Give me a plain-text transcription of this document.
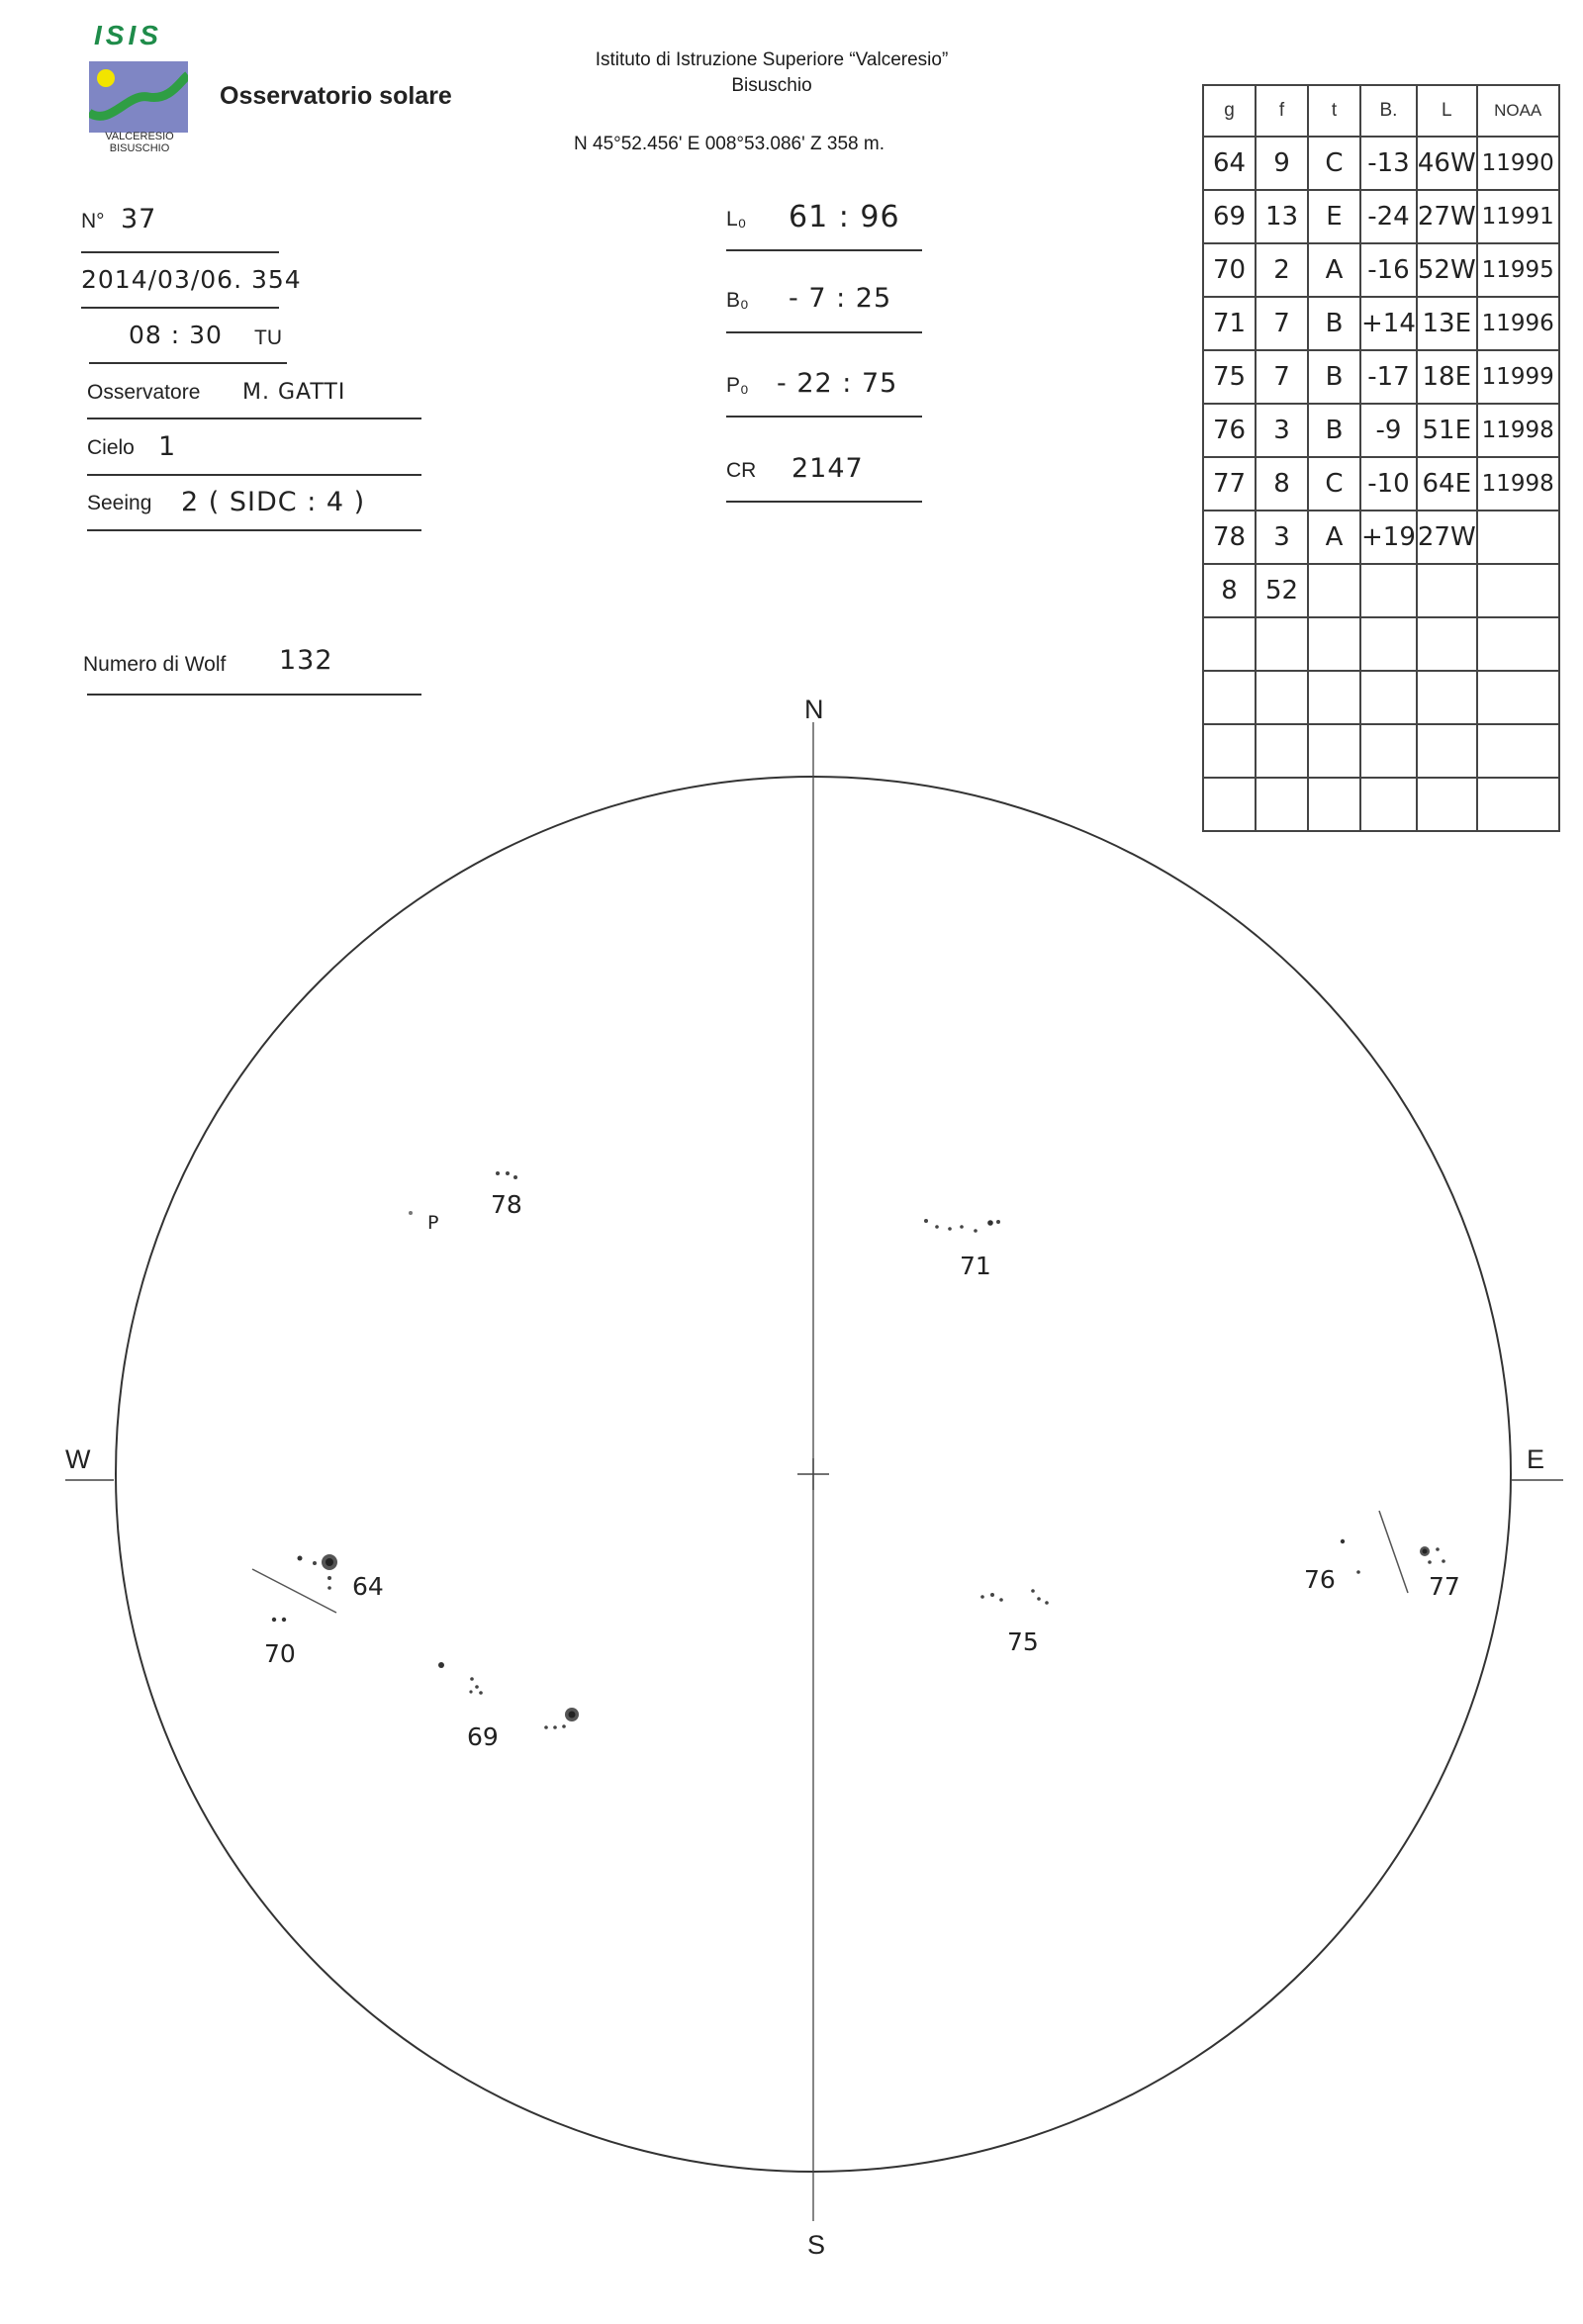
ISIS
VALCERESIO
BISUSCHIO
Osservatorio solare
Istituto di Istruzione Superiore “Valceresio”
Bisuschio
N 45°52.456' E 008°53.086' Z 358 m.
N° 37
2014/03/06. 354
08 : 30 TU
Osservatore M. GATTI
Cielo 1
Seeing 2 ( SIDC : 4 )
Numero di Wolf 132
L₀ 61 : 96
B₀ - 7 : 25
P₀ - 22 : 75
CR 2147
g	f	t	B.	L	NOAA
64	9	C	-13	46W	11990
69	13	E	-24	27W	11991
70	2	A	-16	52W	11995
71	7	B	+14	13E	11996
75	7	B	-17	18E	11999
76	3	B	-9	51E	11998
77	8	C	-10	64E	11998
78	3	A	+19	27W	
8	52				

N
S
W	E
P
78
71
64
70
69
75
76	77
